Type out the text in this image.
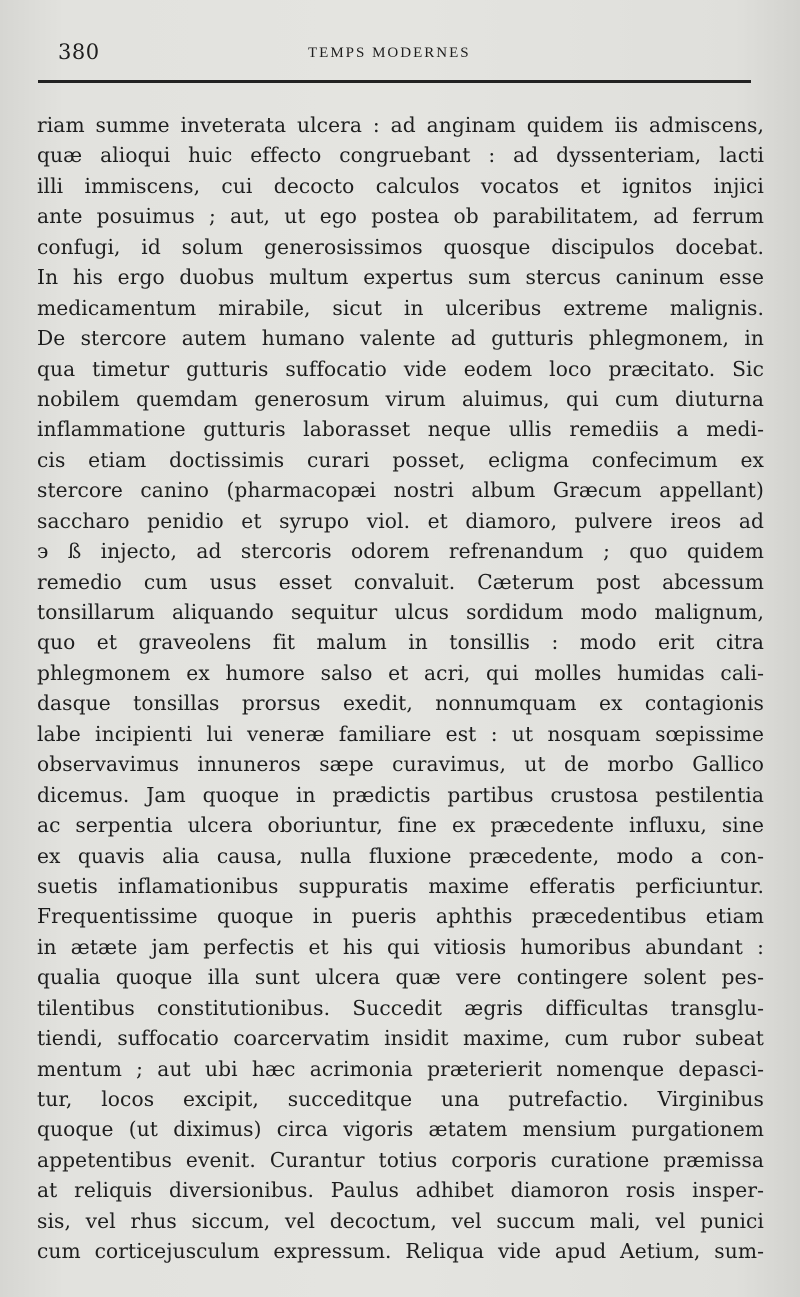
380	TEMPS MODERNES
riam summe inveterata ulcera : ad anginam quidem iis admiscens,
quæ alioqui huic effecto congruebant : ad dyssenteriam, lacti
illi immiscens, cui decocto calculos vocatos et ignitos injici
ante posuimus ; aut, ut ego postea ob parabilitatem, ad ferrum
confugi, id solum generosissimos quosque discipulos docebat.
In his ergo duobus multum expertus sum stercus caninum esse
medicamentum mirabile, sicut in ulceribus extreme malignis.
De stercore autem humano valente ad gutturis phlegmonem, in
qua timetur gutturis suffocatio vide eodem loco præcitato. Sic
nobilem quemdam generosum virum aluimus, qui cum diuturna
inflammatione gutturis laborasset neque ullis remediis a medi-
cis etiam doctissimis curari posset, ecligma confecimum ex
stercore canino (pharmacopæi nostri album Græcum appellant)
saccharo penidio et syrupo viol. et diamoro, pulvere ireos ad
϶ ß injecto, ad stercoris odorem refrenandum ; quo quidem
remedio cum usus esset convaluit. Cæterum post abcessum
tonsillarum aliquando sequitur ulcus sordidum modo malignum,
quo et graveolens fit malum in tonsillis : modo erit citra
phlegmonem ex humore salso et acri, qui molles humidas cali-
dasque tonsillas prorsus exedit, nonnumquam ex contagionis
labe incipienti lui veneræ familiare est : ut nosquam sœpissime
observavimus innuneros sæpe curavimus, ut de morbo Gallico
dicemus. Jam quoque in prædictis partibus crustosa pestilentia
ac serpentia ulcera oboriuntur, fine ex præcedente influxu, sine
ex quavis alia causa, nulla fluxione præcedente, modo a con-
suetis inflamationibus suppuratis maxime efferatis perficiuntur.
Frequentissime quoque in pueris aphthis præcedentibus etiam
in ætæte jam perfectis et his qui vitiosis humoribus abundant :
qualia quoque illa sunt ulcera quæ vere contingere solent pes-
tilentibus constitutionibus. Succedit ægris difficultas transglu-
tiendi, suffocatio coarcervatim insidit maxime, cum rubor subeat
mentum ; aut ubi hæc acrimonia præterierit nomenque depasci-
tur, locos excipit, succeditque una putrefactio. Virginibus
quoque (ut diximus) circa vigoris ætatem mensium purgationem
appetentibus evenit. Curantur totius corporis curatione præmissa
at reliquis diversionibus. Paulus adhibet diamoron rosis insper-
sis, vel rhus siccum, vel decoctum, vel succum mali, vel punici
cum corticejusculum expressum. Reliqua vide apud Aetium, sum-
